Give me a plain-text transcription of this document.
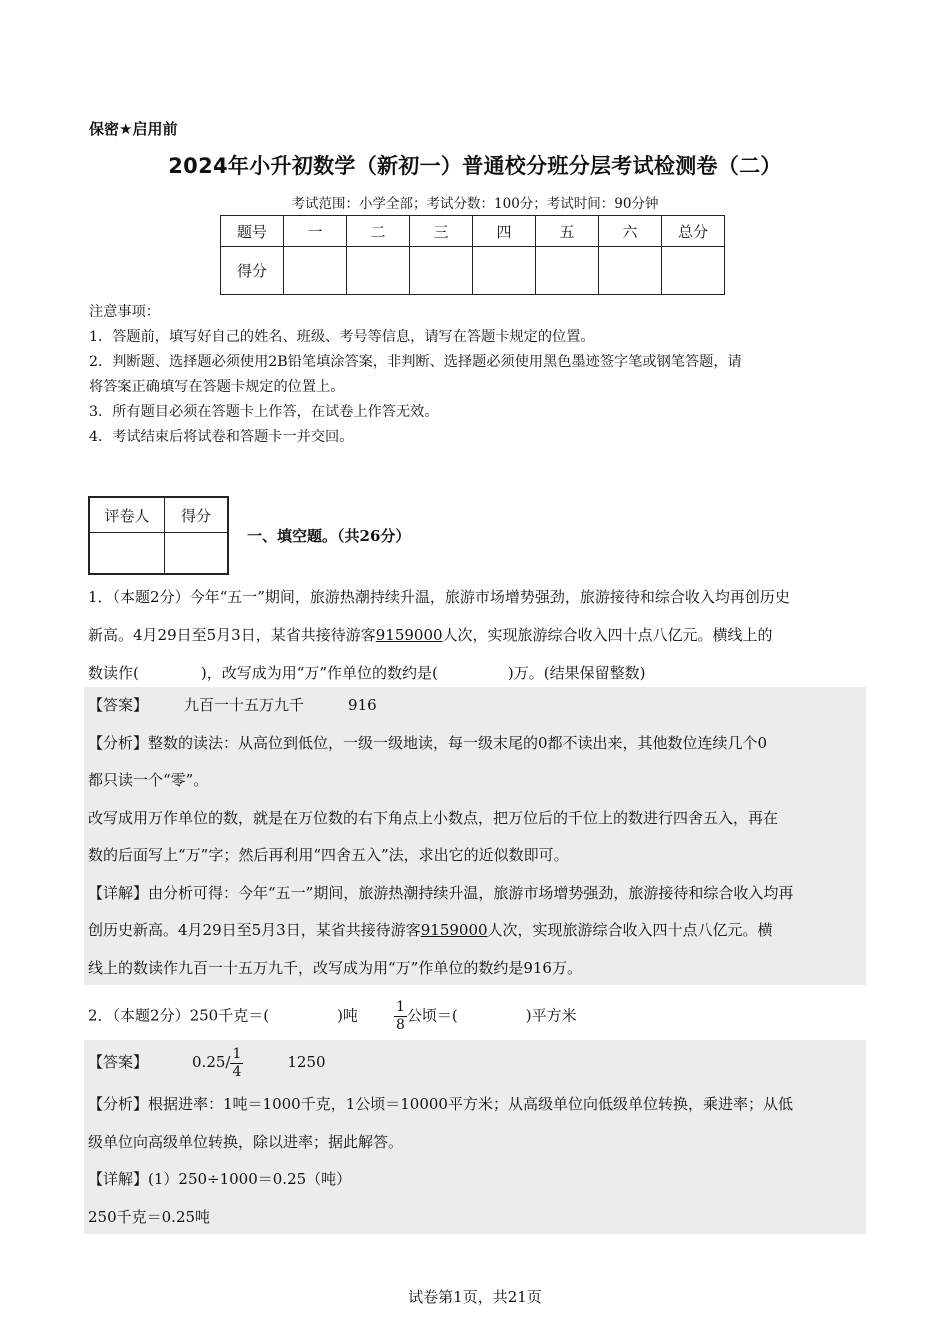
保密★启用前
2024年小升初数学（新初一）普通校分班分层考试检测卷（二）
考试范围：小学全部；考试分数：100分；考试时间：90分钟
题号	一	二	三	四	五	六	总分
得分							
注意事项：
1．答题前，填写好自己的姓名、班级、考号等信息，请写在答题卡规定的位置。
2．判断题、选择题必须使用2B铅笔填涂答案，非判断、选择题必须使用黑色墨迹签字笔或钢笔答题，请
将答案正确填写在答题卡规定的位置上。
3．所有题目必须在答题卡上作答，在试卷上作答无效。
4．考试结束后将试卷和答题卡一并交回。
评卷人	得分

一、填空题。（共26分）
1．（本题2分）今年“五一”期间，旅游热潮持续升温，旅游市场增势强劲，旅游接待和综合收入均再创历史
新高。4月29日至5月3日，某省共接待游客9159000人次，实现旅游综合收入四十点八亿元。横线上的
数读作(	)，改写成为用“万”作单位的数约是(	)万。(结果保留整数)
【答案】 九百一十五万九千	916
【分析】整数的读法：从高位到低位，一级一级地读，每一级末尾的0都不读出来，其他数位连续几个0
都只读一个“零”。
改写成用万作单位的数，就是在万位数的右下角点上小数点，把万位后的千位上的数进行四舍五入，再在
数的后面写上“万”字；然后再利用“四舍五入”法，求出它的近似数即可。
【详解】由分析可得：今年“五一”期间，旅游热潮持续升温，旅游市场增势强劲，旅游接待和综合收入均再
创历史新高。4月29日至5月3日，某省共接待游客9159000人次，实现旅游综合收入四十点八亿元。横
线上的数读作九百一十五万九千，改写成为用“万”作单位的数约是916万。
2．（本题2分）250千克＝(	)吨	$\frac{1}{8}$ 公顷＝(	)平方米
【答案】	$0.25/ \frac{1}{4}$	1250
【分析】根据进率：1吨＝1000千克，1公顷＝10000平方米；从高级单位向低级单位转换，乘进率；从低
级单位向高级单位转换，除以进率；据此解答。
【详解】(1）250÷1000＝0.25（吨）
250千克＝0.25吨
试卷第1页，共21页
